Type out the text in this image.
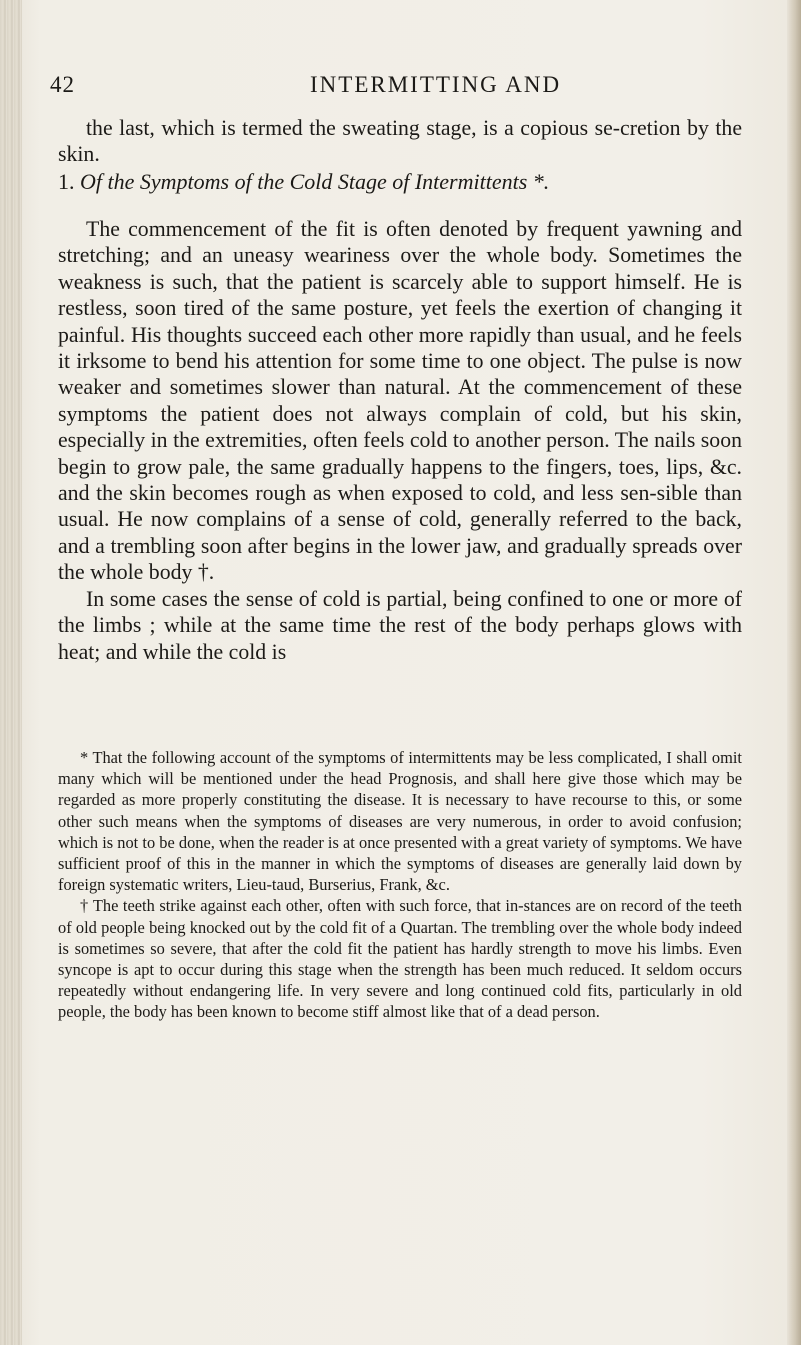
42	INTERMITTING AND

the last, which is termed the sweating stage, is a copious se-cretion by the skin.

1. Of the Symptoms of the Cold Stage of Intermittents *.

The commencement of the fit is often denoted by frequent yawning and stretching; and an uneasy weariness over the whole body. Sometimes the weakness is such, that the patient is scarcely able to support himself. He is restless, soon tired of the same posture, yet feels the exertion of changing it painful. His thoughts succeed each other more rapidly than usual, and he feels it irksome to bend his attention for some time to one object. The pulse is now weaker and sometimes slower than natural. At the commencement of these symptoms the patient does not always complain of cold, but his skin, especially in the extremities, often feels cold to another person. The nails soon begin to grow pale, the same gradually happens to the fingers, toes, lips, &c. and the skin becomes rough as when exposed to cold, and less sen-sible than usual. He now complains of a sense of cold, generally referred to the back, and a trembling soon after begins in the lower jaw, and gradually spreads over the whole body †.

In some cases the sense of cold is partial, being confined to one or more of the limbs ; while at the same time the rest of the body perhaps glows with heat; and while the cold is

* That the following account of the symptoms of intermittents may be less complicated, I shall omit many which will be mentioned under the head Prognosis, and shall here give those which may be regarded as more properly constituting the disease. It is necessary to have recourse to this, or some other such means when the symptoms of diseases are very numerous, in order to avoid confusion; which is not to be done, when the reader is at once presented with a great variety of symptoms. We have sufficient proof of this in the manner in which the symptoms of diseases are generally laid down by foreign systematic writers, Lieu-taud, Burserius, Frank, &c.

† The teeth strike against each other, often with such force, that in-stances are on record of the teeth of old people being knocked out by the cold fit of a Quartan. The trembling over the whole body indeed is sometimes so severe, that after the cold fit the patient has hardly strength to move his limbs. Even syncope is apt to occur during this stage when the strength has been much reduced. It seldom occurs repeatedly without endangering life. In very severe and long continued cold fits, particularly in old people, the body has been known to become stiff almost like that of a dead person.
